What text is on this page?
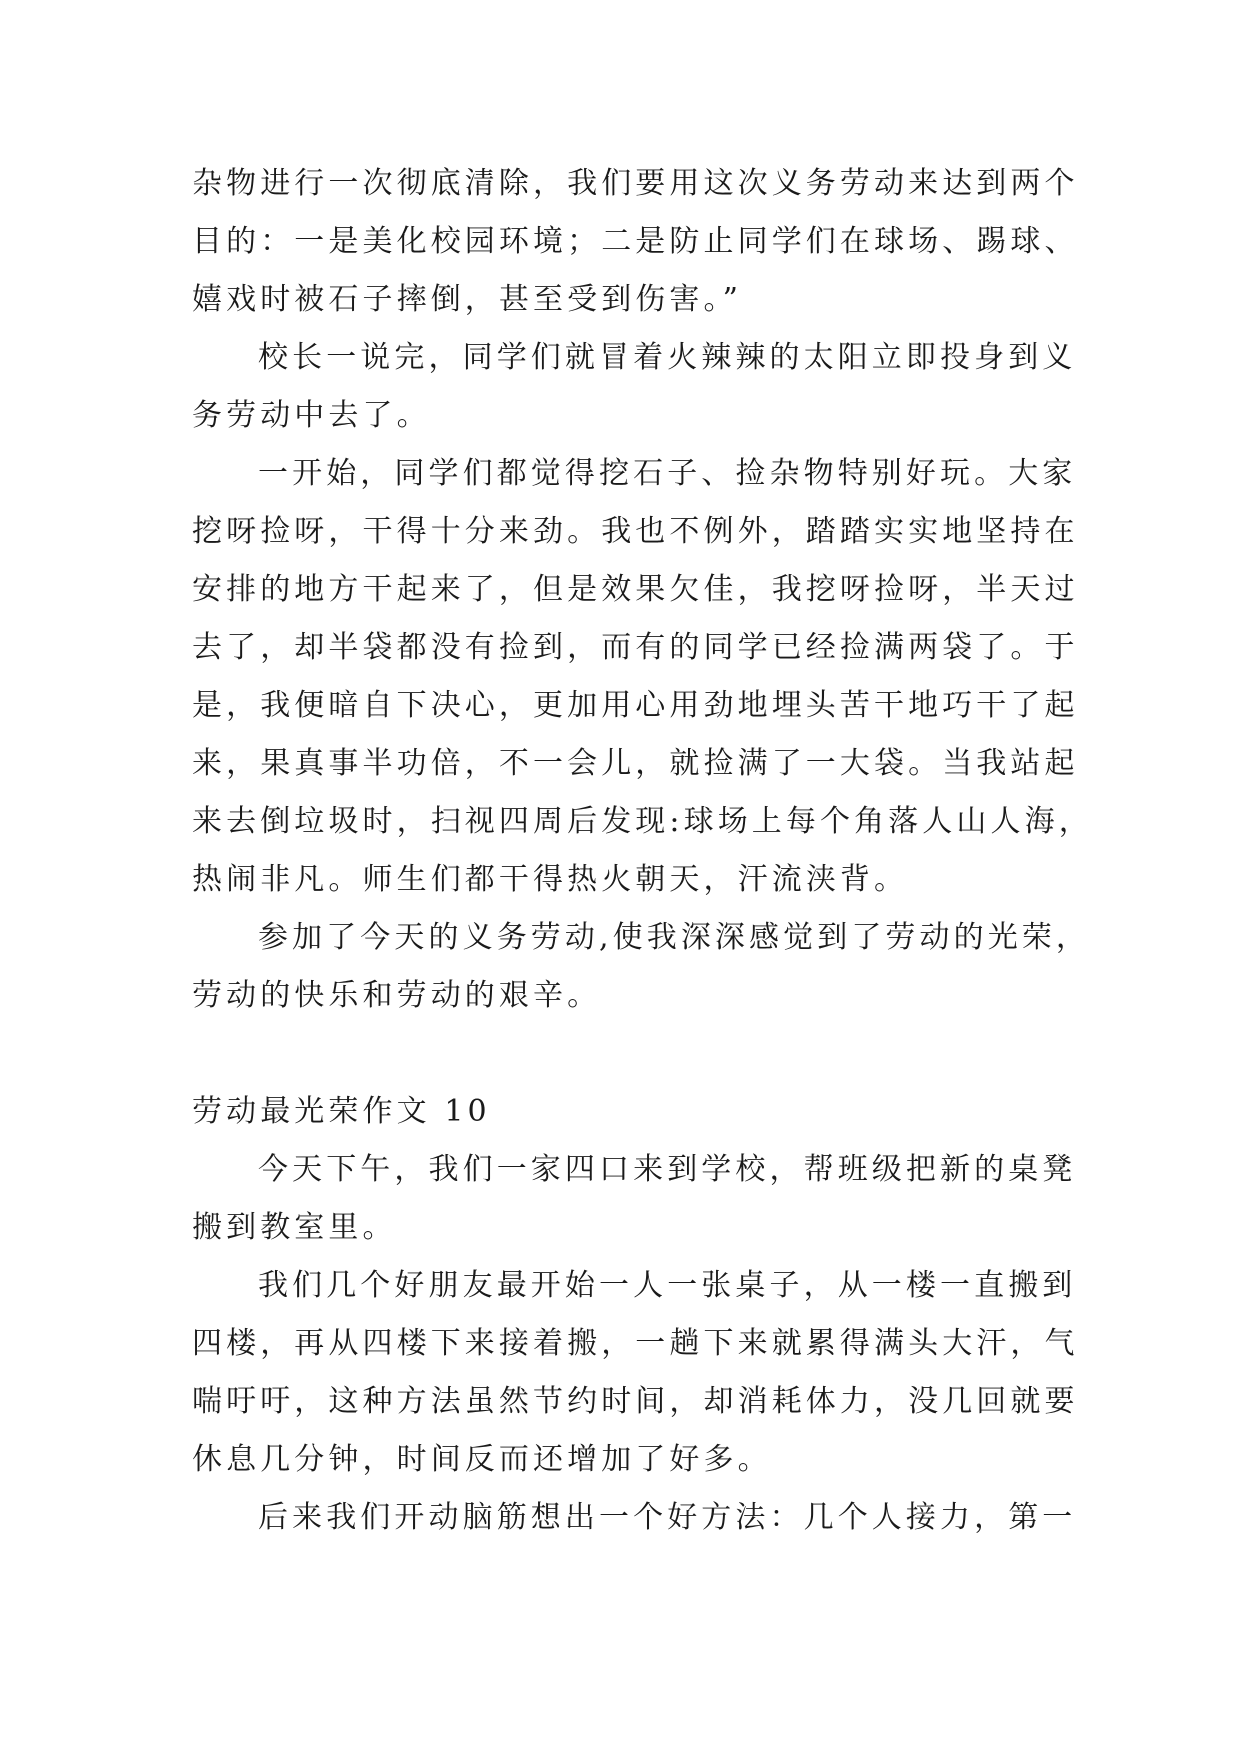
杂物进行一次彻底清除，我们要用这次义务劳动来达到两个
目的：一是美化校园环境；二是防止同学们在球场、踢球、
嬉戏时被石子摔倒，甚至受到伤害。”
校长一说完，同学们就冒着火辣辣的太阳立即投身到义
务劳动中去了。
一开始，同学们都觉得挖石子、捡杂物特别好玩。大家
挖呀捡呀，干得十分来劲。我也不例外，踏踏实实地坚持在
安排的地方干起来了，但是效果欠佳，我挖呀捡呀，半天过
去了，却半袋都没有捡到，而有的同学已经捡满两袋了。于
是，我便暗自下决心，更加用心用劲地埋头苦干地巧干了起
来，果真事半功倍，不一会儿，就捡满了一大袋。当我站起
来去倒垃圾时，扫视四周后发现:球场上每个角落人山人海，
热闹非凡。师生们都干得热火朝天，汗流浃背。
参加了今天的义务劳动,使我深深感觉到了劳动的光荣，
劳动的快乐和劳动的艰辛。
劳动最光荣作文 10
今天下午，我们一家四口来到学校，帮班级把新的桌凳
搬到教室里。
我们几个好朋友最开始一人一张桌子，从一楼一直搬到
四楼，再从四楼下来接着搬，一趟下来就累得满头大汗，气
喘吁吁，这种方法虽然节约时间，却消耗体力，没几回就要
休息几分钟，时间反而还增加了好多。
后来我们开动脑筋想出一个好方法：几个人接力，第一
